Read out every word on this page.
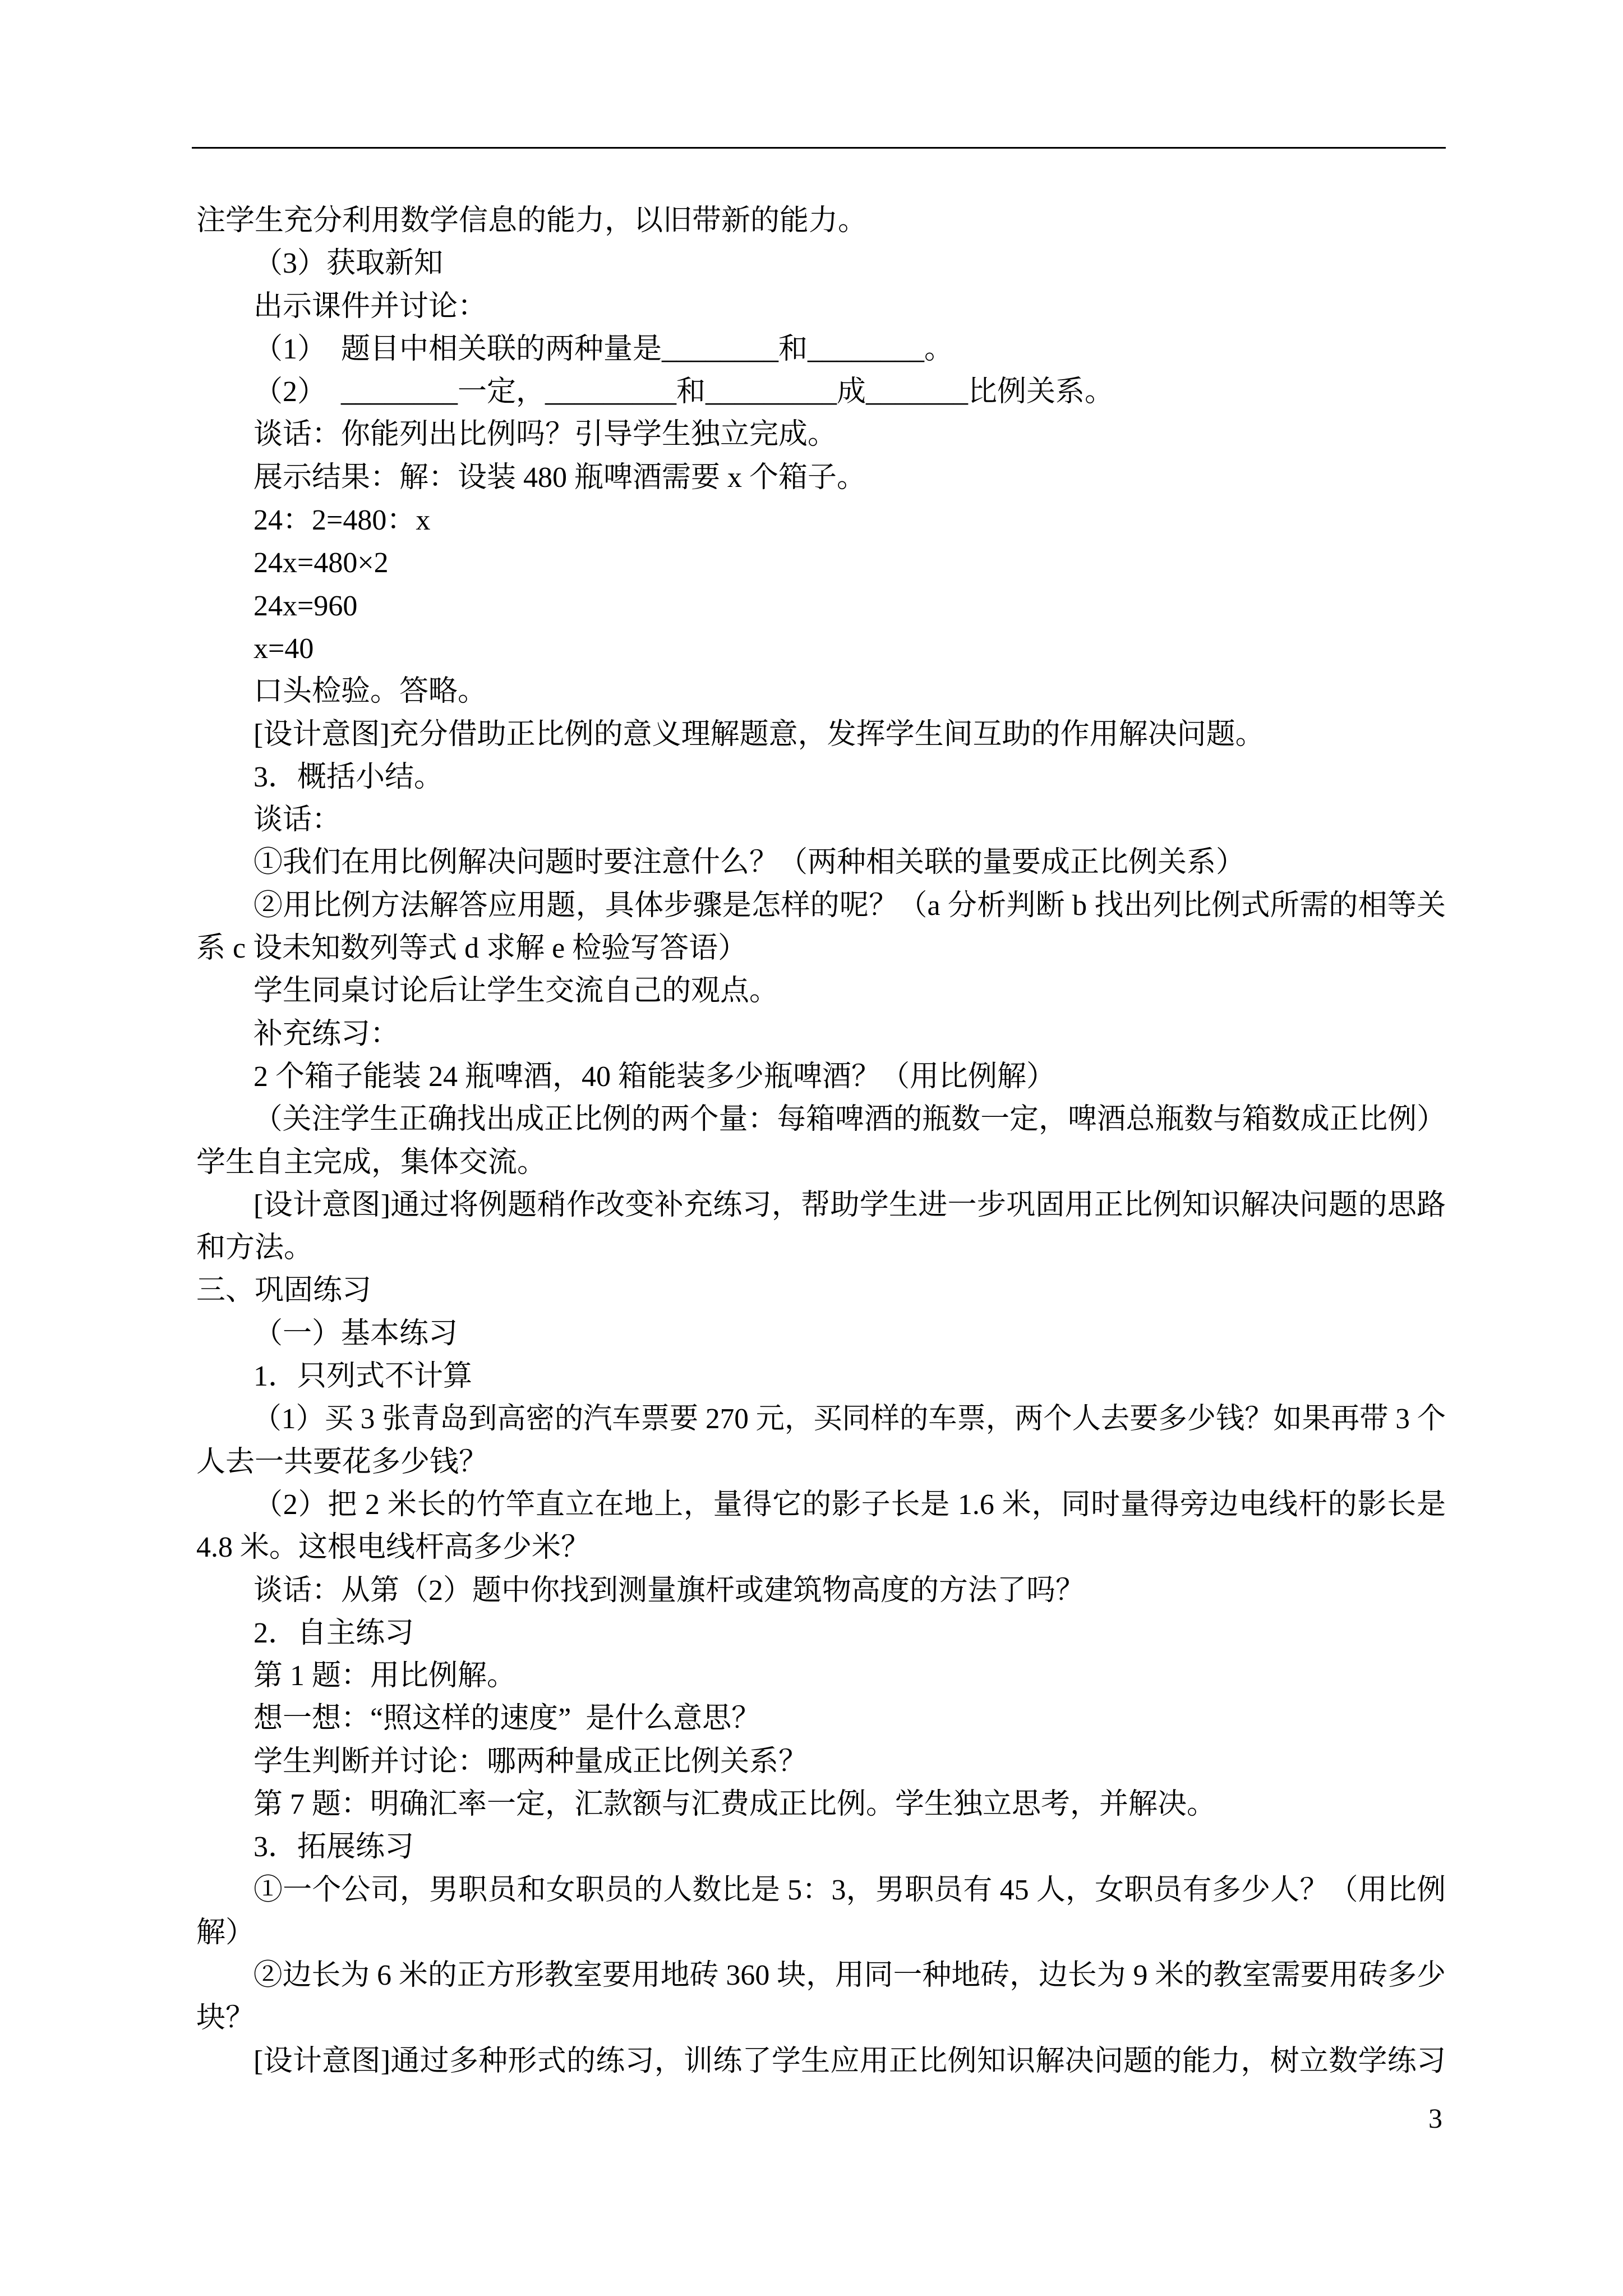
注学生充分利用数学信息的能力，以旧带新的能力。
（3）获取新知
出示课件并讨论：
（1）  题目中相关联的两种量是________和________。
（2）  ________一定，_________和_________成_______比例关系。
谈话：你能列出比例吗？引导学生独立完成。
展示结果：解：设装 480 瓶啤酒需要 x 个箱子。
24：2=480：x
24x=480×2
24x=960
x=40
口头检验。答略。
[设计意图]充分借助正比例的意义理解题意，发挥学生间互助的作用解决问题。
3．概括小结。
谈话：
①我们在用比例解决问题时要注意什么？（两种相关联的量要成正比例关系）
②用比例方法解答应用题，具体步骤是怎样的呢？（a 分析判断 b 找出列比例式所需的相等关
系 c 设未知数列等式 d 求解 e 检验写答语）
学生同桌讨论后让学生交流自己的观点。
补充练习：
2 个箱子能装 24 瓶啤酒，40 箱能装多少瓶啤酒？（用比例解）
（关注学生正确找出成正比例的两个量：每箱啤酒的瓶数一定，啤酒总瓶数与箱数成正比例）
学生自主完成，集体交流。
[设计意图]通过将例题稍作改变补充练习，帮助学生进一步巩固用正比例知识解决问题的思路
和方法。
三、巩固练习
（一）基本练习
1．只列式不计算
（1）买 3 张青岛到高密的汽车票要 270 元，买同样的车票，两个人去要多少钱？如果再带 3 个
人去一共要花多少钱？
（2）把 2 米长的竹竿直立在地上，量得它的影子长是 1.6 米，同时量得旁边电线杆的影长是
4.8 米。这根电线杆高多少米？
谈话：从第（2）题中你找到测量旗杆或建筑物高度的方法了吗？
2．自主练习
第 1 题：用比例解。
想一想：“照这样的速度”  是什么意思？
学生判断并讨论：哪两种量成正比例关系？
第 7 题：明确汇率一定，汇款额与汇费成正比例。学生独立思考，并解决。
3．拓展练习
①一个公司，男职员和女职员的人数比是 5：3，男职员有 45 人，女职员有多少人？（用比例
解）
②边长为 6 米的正方形教室要用地砖 360 块，用同一种地砖，边长为 9 米的教室需要用砖多少
块？
[设计意图]通过多种形式的练习，训练了学生应用正比例知识解决问题的能力，树立数学练习
3
